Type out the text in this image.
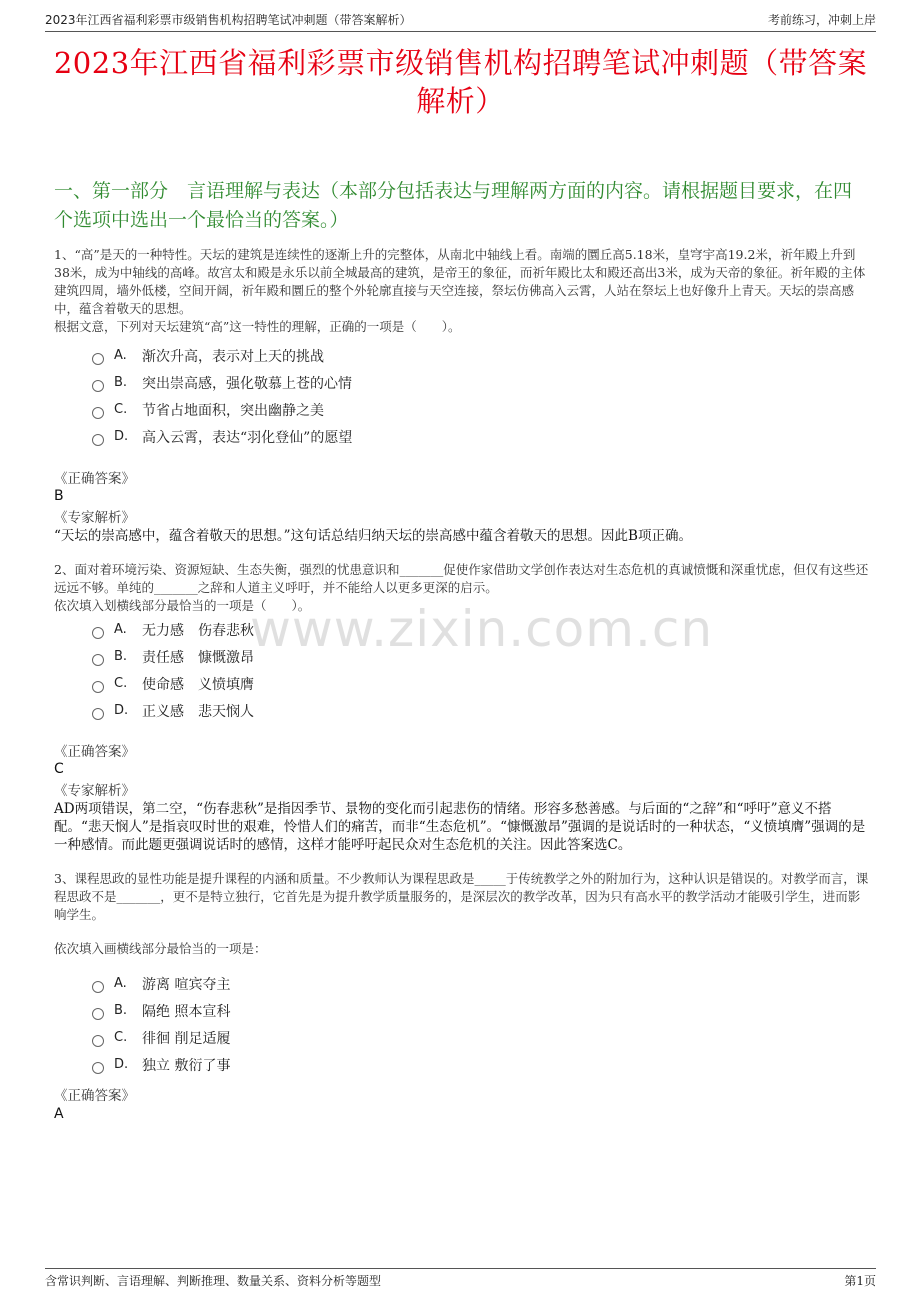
2023年江西省福利彩票市级销售机构招聘笔试冲刺题（带答案解析）	考前练习，冲刺上岸
2023年江西省福利彩票市级销售机构招聘笔试冲刺题（带答案解析）
一、第一部分　言语理解与表达（本部分包括表达与理解两方面的内容。请根据题目要求，在四个选项中选出一个最恰当的答案。）
www.zixin.com.cn

1、“高”是天的一种特性。天坛的建筑是连续性的逐渐上升的完整体，从南北中轴线上看。南端的圜丘高5.18米，皇穹宇高19.2米，祈年殿上升到38米，成为中轴线的高峰。故宫太和殿是永乐以前全城最高的建筑，是帝王的象征，而祈年殿比太和殿还高出3米，成为天帝的象征。祈年殿的主体建筑四周，墙外低楼，空间开阔，祈年殿和圜丘的整个外轮廓直接与天空连接，祭坛仿佛高入云霄，人站在祭坛上也好像升上青天。天坛的崇高感中，蕴含着敬天的思想。

根据文意，下列对天坛建筑“高”这一特性的理解，正确的一项是（　　）。

A.	渐次升高，表示对上天的挑战
B.	突出崇高感，强化敬慕上苍的心情
C.	节省占地面积，突出幽静之美
D. 高入云霄，表达“羽化登仙”的愿望
《正确答案》
B
《专家解析》
“天坛的崇高感中，蕴含着敬天的思想。”这句话总结归纳天坛的崇高感中蕴含着敬天的思想。因此B项正确。

2、面对着环境污染、资源短缺、生态失衡，强烈的忧患意识和_______促使作家借助文学创作表达对生态危机的真诚愤慨和深重忧虑，但仅有这些还远远不够。单纯的_______之辞和人道主义呼吁，并不能给人以更多更深的启示。

依次填入划横线部分最恰当的一项是（　　）。

A.	无力感　伤春悲秋
B.	责任感　慷慨激昂
C.	使命感　义愤填膺
D. 正义感　悲天悯人
《正确答案》
C
《专家解析》
AD两项错误，第二空，“伤春悲秋”是指因季节、景物的变化而引起悲伤的情绪。形容多愁善感。与后面的“之辞”和“呼吁”意义不搭配。“悲天悯人”是指哀叹时世的艰难，怜惜人们的痛苦，而非“生态危机”。“慷慨激昂”强调的是说话时的一种状态，“义愤填膺”强调的是一种感情。而此题更强调说话时的感情，这样才能呼吁起民众对生态危机的关注。因此答案选C。

3、课程思政的显性功能是提升课程的内涵和质量。不少教师认为课程思政是_____于传统教学之外的附加行为，这种认识是错误的。对教学而言，课程思政不是_______，更不是特立独行，它首先是为提升教学质量服务的，是深层次的教学改革，因为只有高水平的教学活动才能吸引学生，进而影响学生。

依次填入画横线部分最恰当的一项是：

A.	游离 喧宾夺主
B.	隔绝 照本宣科
C.	徘徊 削足适履
D. 独立 敷衍了事
《正确答案》
A
含常识判断、言语理解、判断推理、数量关系、资料分析等题型	第1页
